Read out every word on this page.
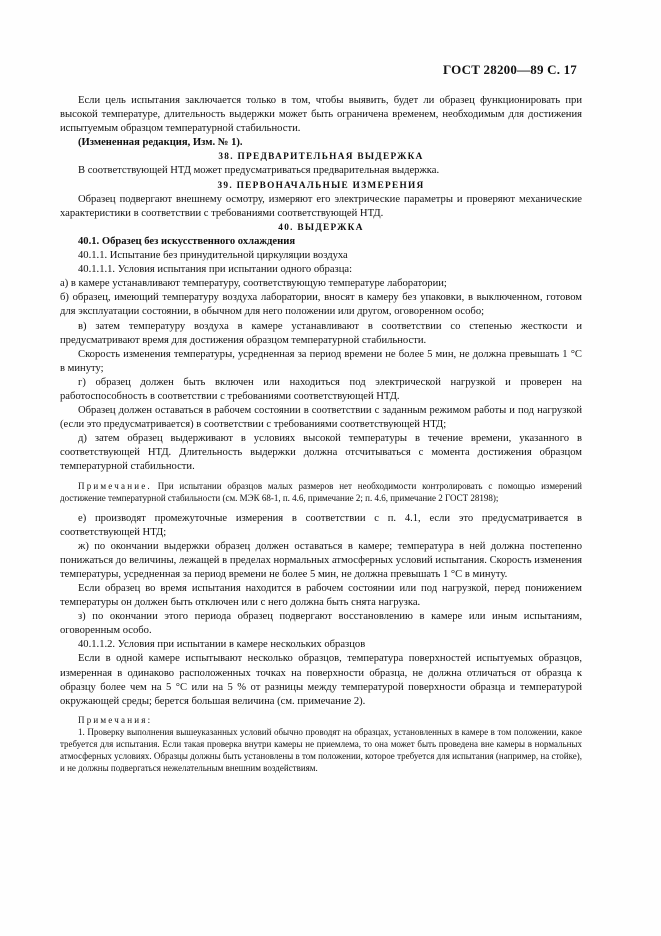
ГОСТ 28200—89 С. 17

Если цель испытания заключается только в том, чтобы выявить, будет ли образец функционировать при высокой температуре, длительность выдержки может быть ограничена временем, необходимым для достижения испытуемым образцом температурной стабильности.

(Измененная редакция, Изм. № 1).

38. ПРЕДВАРИТЕЛЬНАЯ ВЫДЕРЖКА

В соответствующей НТД может предусматриваться предварительная выдержка.

39. ПЕРВОНАЧАЛЬНЫЕ ИЗМЕРЕНИЯ

Образец подвергают внешнему осмотру, измеряют его электрические параметры и проверяют механические характеристики в соответствии с требованиями соответствующей НТД.

40. ВЫДЕРЖКА

40.1. Образец без искусственного охлаждения

40.1.1. Испытание без принудительной циркуляции воздуха

40.1.1.1. Условия испытания при испытании одного образца:

а) в камере устанавливают температуру, соответствующую температуре лаборатории;

б) образец, имеющий температуру воздуха лаборатории, вносят в камеру без упаковки, в выключенном, готовом для эксплуатации состоянии, в обычном для него положении или другом, оговоренном особо;

в) затем температуру воздуха в камере устанавливают в соответствии со степенью жесткости и предусматривают время для достижения образцом температурной стабильности.

Скорость изменения температуры, усредненная за период времени не более 5 мин, не должна превышать 1 °С в минуту;

г) образец должен быть включен или находиться под электрической нагрузкой и проверен на работоспособность в соответствии с требованиями соответствующей НТД.

Образец должен оставаться в рабочем состоянии в соответствии с заданным режимом работы и под нагрузкой (если это предусматривается) в соответствии с требованиями соответствующей НТД;

д) затем образец выдерживают в условиях высокой температуры в течение времени, указанного в соответствующей НТД. Длительность выдержки должна отсчитываться с момента достижения образцом температурной стабильности.

Примечание. При испытании образцов малых размеров нет необходимости контролировать с помощью измерений достижение температурной стабильности (см. МЭК 68-1, п. 4.6, примечание 2; п. 4.6, примечание 2 ГОСТ 28198);

е) производят промежуточные измерения в соответствии с п. 4.1, если это предусматривается в соответствующей НТД;

ж) по окончании выдержки образец должен оставаться в камере; температура в ней должна постепенно понижаться до величины, лежащей в пределах нормальных атмосферных условий испытания. Скорость изменения температуры, усредненная за период времени не более 5 мин, не должна превышать 1 °С в минуту.

Если образец во время испытания находится в рабочем состоянии или под нагрузкой, перед понижением температуры он должен быть отключен или с него должна быть снята нагрузка.

з) по окончании этого периода образец подвергают восстановлению в камере или иным испытаниям, оговоренным особо.

40.1.1.2. Условия при испытании в камере нескольких образцов

Если в одной камере испытывают несколько образцов, температура поверхностей испытуемых образцов, измеренная в одинаково расположенных точках на поверхности образца, не должна отличаться от образца к образцу более чем на 5 °С или на 5 % от разницы между температурой поверхности образца и температурой окружающей среды; берется большая величина (см. примечание 2).

Примечания:

1. Проверку выполнения вышеуказанных условий обычно проводят на образцах, установленных в камере в том положении, какое требуется для испытания. Если такая проверка внутри камеры не приемлема, то она может быть проведена вне камеры в нормальных атмосферных условиях. Образцы должны быть установлены в том положении, которое требуется для испытания (например, на стойке), и не должны подвергаться нежелательным внешним воздействиям.
